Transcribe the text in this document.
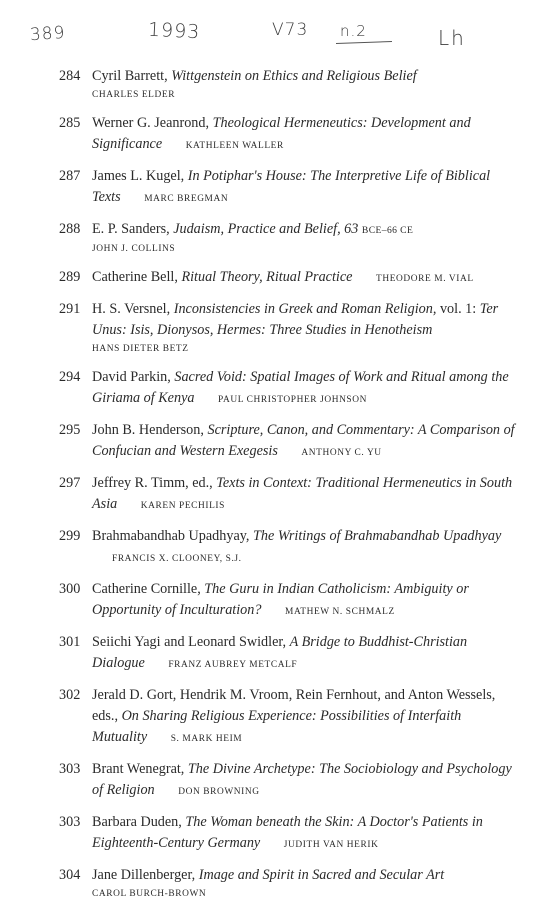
389	1993	V73 n.2	Lh
284 Cyril Barrett, Wittgenstein on Ethics and Religious Belief
CHARLES ELDER
285 Werner G. Jeanrond, Theological Hermeneutics: Development and Significance	KATHLEEN WALLER
287 James L. Kugel, In Potiphar's House: The Interpretive Life of Biblical Texts	MARC BREGMAN
288 E. P. Sanders, Judaism, Practice and Belief, 63 BCE–66 CE
JOHN J. COLLINS
289 Catherine Bell, Ritual Theory, Ritual Practice	THEODORE M. VIAL
291 H. S. Versnel, Inconsistencies in Greek and Roman Religion, vol. 1: Ter Unus: Isis, Dionysos, Hermes: Three Studies in Henotheism
HANS DIETER BETZ
294 David Parkin, Sacred Void: Spatial Images of Work and Ritual among the Giriama of Kenya	PAUL CHRISTOPHER JOHNSON
295 John B. Henderson, Scripture, Canon, and Commentary: A Comparison of Confucian and Western Exegesis	ANTHONY C. YU
297 Jeffrey R. Timm, ed., Texts in Context: Traditional Hermeneutics in South Asia	KAREN PECHILIS
299 Brahmabandhab Upadhyay, The Writings of Brahmabandhab Upadhyay FRANCIS X. CLOONEY, S.J.
300 Catherine Cornille, The Guru in Indian Catholicism: Ambiguity or Opportunity of Inculturation?	MATHEW N. SCHMALZ
301 Seiichi Yagi and Leonard Swidler, A Bridge to Buddhist-Christian Dialogue	FRANZ AUBREY METCALF
302 Jerald D. Gort, Hendrik M. Vroom, Rein Fernhout, and Anton Wessels, eds., On Sharing Religious Experience: Possibilities of Interfaith Mutuality	S. MARK HEIM
303 Brant Wenegrat, The Divine Archetype: The Sociobiology and Psychology of Religion	DON BROWNING
303 Barbara Duden, The Woman beneath the Skin: A Doctor's Patients in Eighteenth-Century Germany	JUDITH VAN HERIK
304 Jane Dillenberger, Image and Spirit in Sacred and Secular Art
CAROL BURCH-BROWN
